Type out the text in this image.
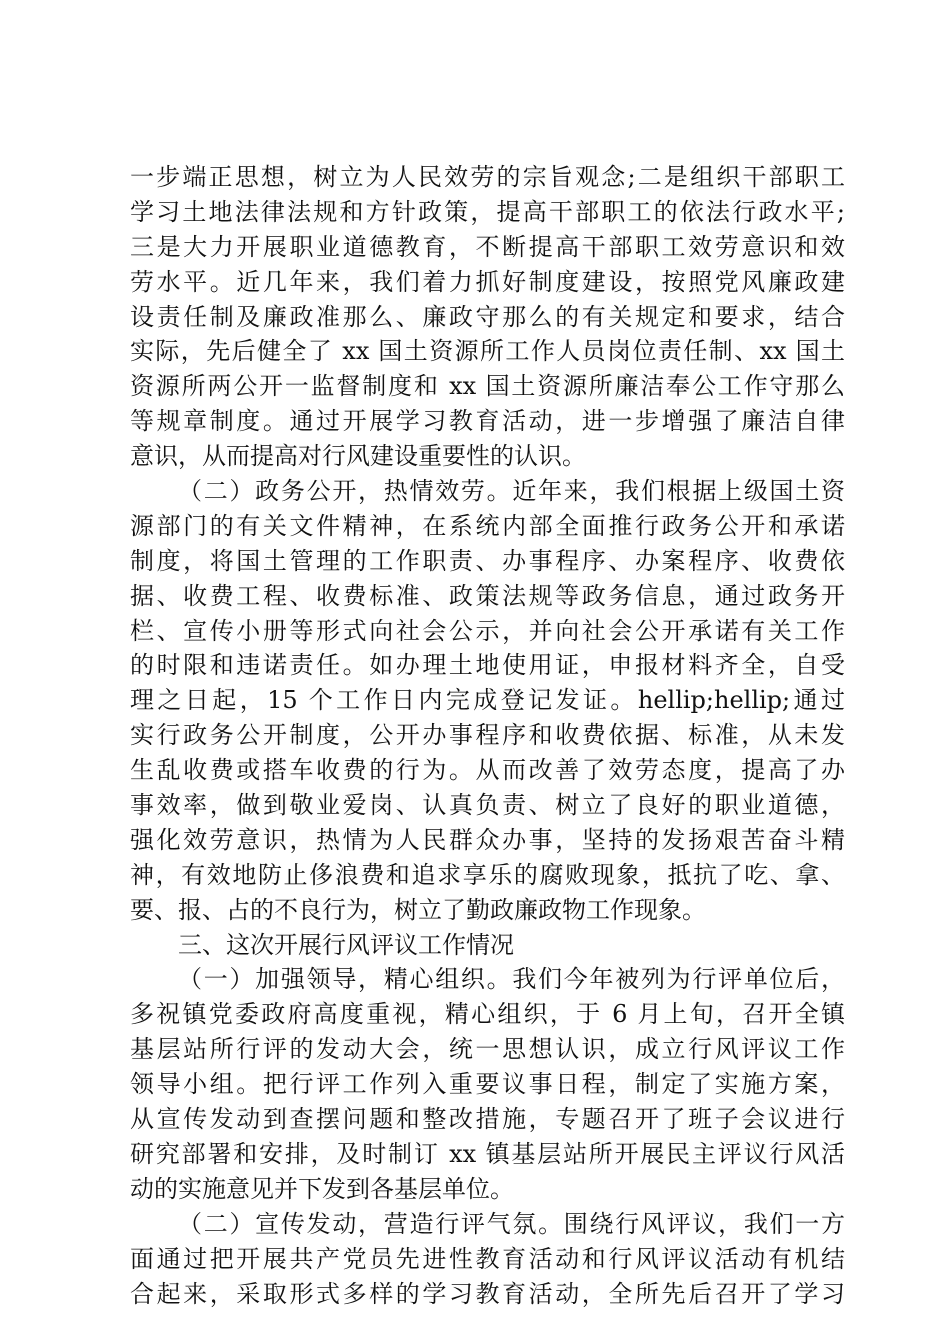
一步端正思想，树立为人民效劳的宗旨观念;二是组织干部职工
学习土地法律法规和方针政策，提高干部职工的依法行政水平;
三是大力开展职业道德教育，不断提高干部职工效劳意识和效
劳水平。近几年来，我们着力抓好制度建设，按照党风廉政建
设责任制及廉政准那么、廉政守那么的有关规定和要求，结合
实际，先后健全了 xx 国土资源所工作人员岗位责任制、xx 国土
资源所两公开一监督制度和 xx 国土资源所廉洁奉公工作守那么
等规章制度。通过开展学习教育活动，进一步增强了廉洁自律
意识，从而提高对行风建设重要性的认识。
（二）政务公开，热情效劳。近年来，我们根据上级国土资
源部门的有关文件精神，在系统内部全面推行政务公开和承诺
制度，将国土管理的工作职责、办事程序、办案程序、收费依
据、收费工程、收费标准、政策法规等政务信息，通过政务开
栏、宣传小册等形式向社会公示，并向社会公开承诺有关工作
的时限和违诺责任。如办理土地使用证，申报材料齐全，自受
理之日起，15 个工作日内完成登记发证。hellip;hellip;通过
实行政务公开制度，公开办事程序和收费依据、标准，从未发
生乱收费或搭车收费的行为。从而改善了效劳态度，提高了办
事效率，做到敬业爱岗、认真负责、树立了良好的职业道德，
强化效劳意识，热情为人民群众办事，坚持的发扬艰苦奋斗精
神，有效地防止侈浪费和追求享乐的腐败现象，抵抗了吃、拿、
要、报、占的不良行为，树立了勤政廉政物工作现象。
三、这次开展行风评议工作情况
（一）加强领导，精心组织。我们今年被列为行评单位后，
多祝镇党委政府高度重视，精心组织，于 6 月上旬，召开全镇
基层站所行评的发动大会，统一思想认识，成立行风评议工作
领导小组。把行评工作列入重要议事日程，制定了实施方案，
从宣传发动到查摆问题和整改措施，专题召开了班子会议进行
研究部署和安排，及时制订 xx 镇基层站所开展民主评议行风活
动的实施意见并下发到各基层单位。
（二）宣传发动，营造行评气氛。围绕行风评议，我们一方
面通过把开展共产党员先进性教育活动和行风评议活动有机结
合起来，采取形式多样的学习教育活动，全所先后召开了学习
